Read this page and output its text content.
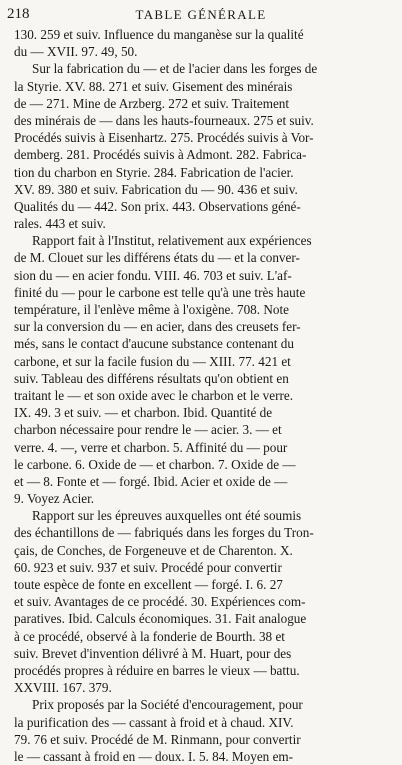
218	TABLE GÉNÉRALE
130. 259 et suiv. Influence du manganèse sur la qualité
du — XVII. 97. 49, 50.
Sur la fabrication du — et de l'acier dans les forges de
la Styrie. XV. 88. 271 et suiv. Gisement des minérais
de — 271. Mine de Arzberg. 272 et suiv. Traitement
des minérais de — dans les hauts-fourneaux. 275 et suiv.
Procédés suivis à Eisenhartz. 275. Procédés suivis à Vor-
demberg. 281. Procédés suivis à Admont. 282. Fabrica-
tion du charbon en Styrie. 284. Fabrication de l'acier.
XV. 89. 380 et suiv. Fabrication du — 90. 436 et suiv.
Qualités du — 442. Son prix. 443. Observations géné-
rales. 443 et suiv.
Rapport fait à l'Institut, relativement aux expériences
de M. Clouet sur les différens états du — et la conver-
sion du — en acier fondu. VIII. 46. 703 et suiv. L'af-
finité du — pour le carbone est telle qu'à une très haute
température, il l'enlève même à l'oxigène. 708. Note
sur la conversion du — en acier, dans des creusets fer-
més, sans le contact d'aucune substance contenant du
carbone, et sur la facile fusion du — XIII. 77. 421 et
suiv. Tableau des différens résultats qu'on obtient en
traitant le — et son oxide avec le charbon et le verre.
IX. 49. 3 et suiv. — et charbon. Ibid. Quantité de
charbon nécessaire pour rendre le — acier. 3. — et
verre. 4. —, verre et charbon. 5. Affinité du — pour
le carbone. 6. Oxide de — et charbon. 7. Oxide de —
et — 8. Fonte et — forgé. Ibid. Acier et oxide de —
9. Voyez Acier.
Rapport sur les épreuves auxquelles ont été soumis
des échantillons de — fabriqués dans les forges du Tron-
çais, de Conches, de Forgeneuve et de Charenton. X.
60. 923 et suiv. 937 et suiv. Procédé pour convertir
toute espèce de fonte en excellent — forgé. I. 6. 27
et suiv. Avantages de ce procédé. 30. Expériences com-
paratives. Ibid. Calculs économiques. 31. Fait analogue
à ce procédé, observé à la fonderie de Bourth. 38 et
suiv. Brevet d'invention délivré à M. Huart, pour des
procédés propres à réduire en barres le vieux — battu.
XXVIII. 167. 379.
Prix proposés par la Société d'encouragement, pour
la purification des — cassant à froid et à chaud. XIV.
79. 76 et suiv. Procédé de M. Rinmann, pour convertir
le — cassant à froid en — doux. I. 5. 84. Moyen em-
